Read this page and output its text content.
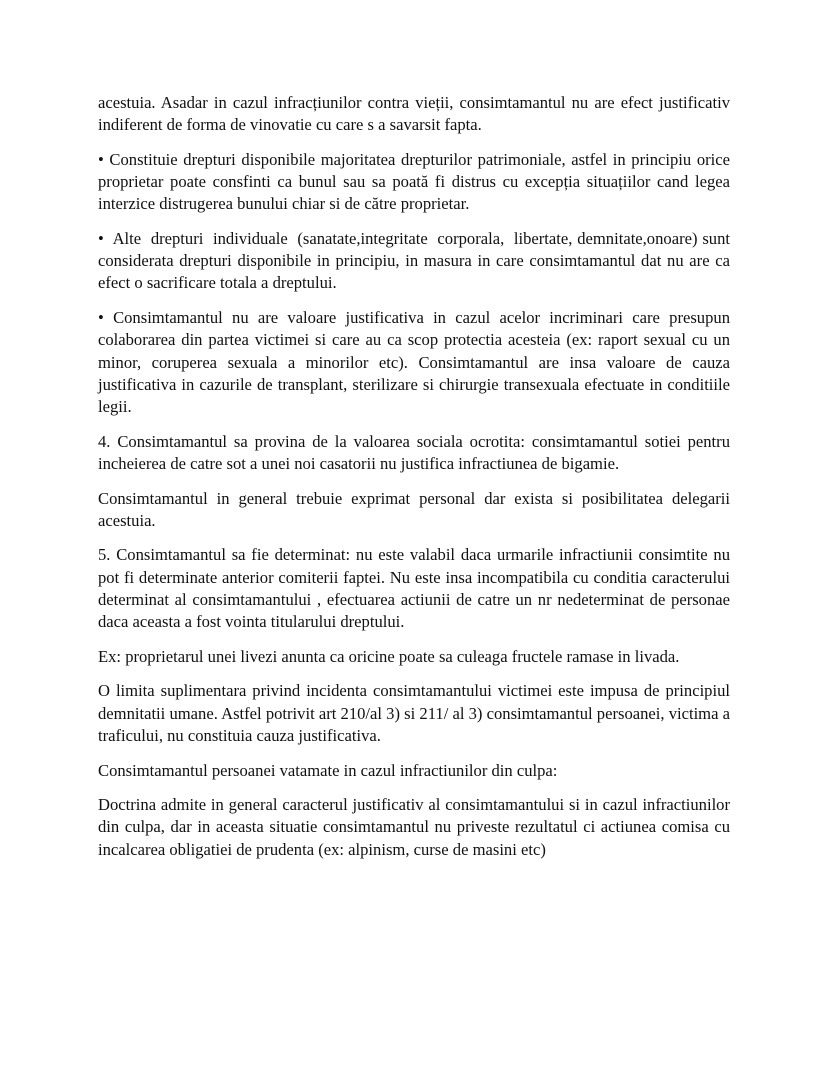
acestuia. Asadar in cazul infracțiunilor contra vieții, consimtamantul nu are efect justificativ indiferent de forma de vinovatie cu care s a savarsit fapta.

• Constituie drepturi disponibile majoritatea drepturilor patrimoniale, astfel in principiu orice proprietar poate consfinti ca bunul sau sa poată fi distrus cu excepția situațiilor cand legea interzice distrugerea bunului chiar si de către proprietar.

•  Alte  drepturi  individuale  (sanatate,integritate  corporala,  libertate, demnitate,onoare) sunt considerata drepturi disponibile in principiu, in masura in care consimtamantul dat nu are ca efect o sacrificare totala a dreptului.

• Consimtamantul nu are valoare justificativa in cazul acelor incriminari care presupun colaborarea din partea victimei si care au ca scop protectia acesteia (ex: raport sexual cu un minor, coruperea sexuala a minorilor etc). Consimtamantul are insa valoare de cauza justificativa in cazurile de transplant, sterilizare si chirurgie transexuala efectuate in conditiile legii.

4. Consimtamantul sa provina de la valoarea sociala ocrotita: consimtamantul sotiei pentru incheierea de catre sot a unei noi casatorii nu justifica infractiunea de bigamie.

Consimtamantul in general trebuie exprimat personal dar exista si posibilitatea delegarii acestuia.

5. Consimtamantul sa fie determinat: nu este valabil daca urmarile infractiunii consimtite nu pot fi determinate anterior comiterii faptei. Nu este insa incompatibila cu conditia caracterului determinat al consimtamantului , efectuarea actiunii de catre un nr nedeterminat de personae daca aceasta a fost vointa titularului dreptului.

Ex: proprietarul unei livezi anunta ca oricine poate sa culeaga fructele ramase in livada.

O limita suplimentara privind incidenta consimtamantului victimei este impusa de principiul demnitatii umane. Astfel potrivit art 210/al 3) si 211/ al 3) consimtamantul persoanei, victima a traficului, nu constituia cauza justificativa.

Consimtamantul persoanei vatamate in cazul infractiunilor din culpa:

Doctrina admite in general caracterul justificativ al consimtamantului si in cazul infractiunilor din culpa, dar in aceasta situatie consimtamantul nu priveste rezultatul ci actiunea comisa cu incalcarea obligatiei de prudenta (ex: alpinism, curse de masini etc)
